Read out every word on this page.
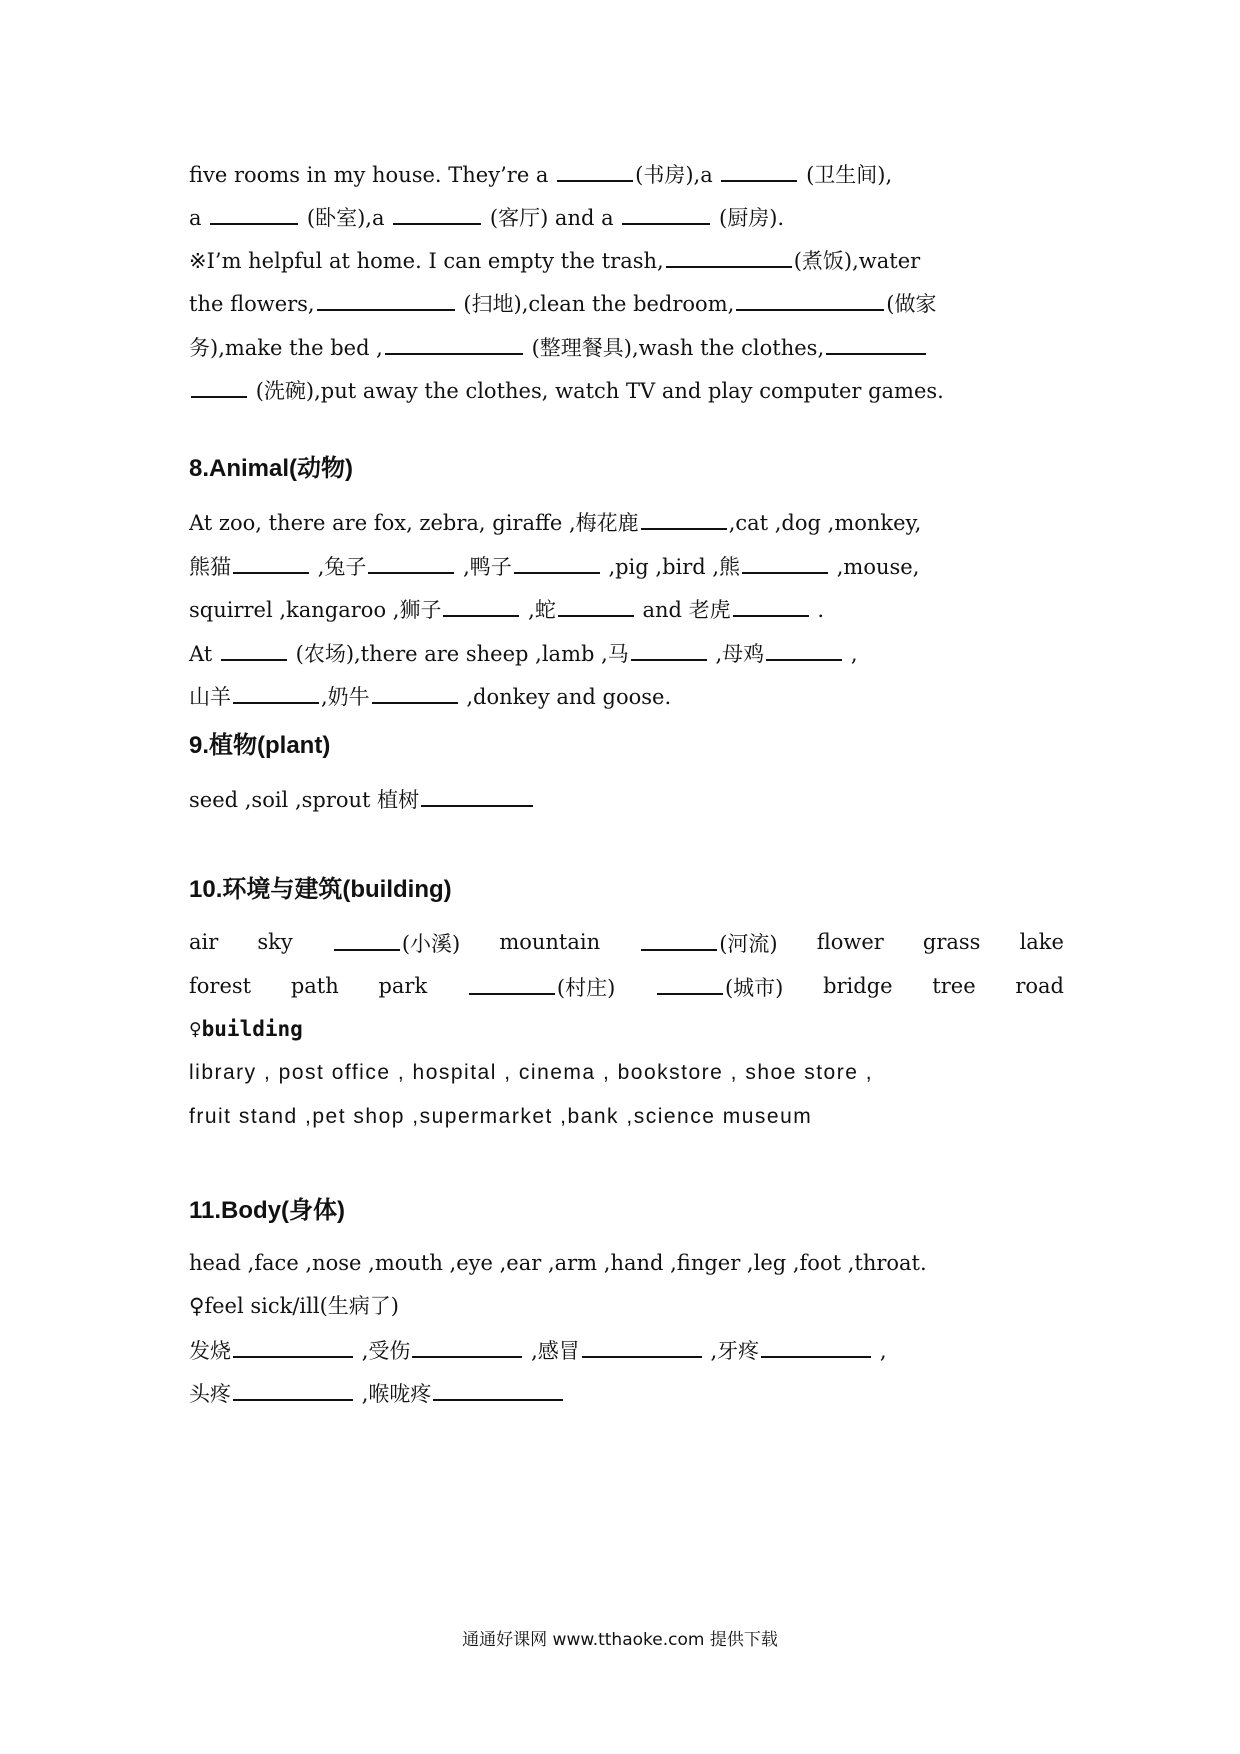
five rooms in my house. They’re a	(书房),a	(卫生间),
a	(卧室),a	(客厅) and a	(厨房).
※I’m helpful at home. I can empty the trash,	(煮饭),water
the flowers,	(扫地),clean the bedroom,	(做家
务),make the bed ,	(整理餐具),wash the clothes,
(洗碗),put away the clothes, watch TV and play computer games.
8.Animal(动物)
At zoo, there are fox, zebra, giraffe ,梅花鹿	,cat ,dog ,monkey,
熊猫	,兔子	,鸭子	,pig ,bird ,熊	,mouse,
squirrel ,kangaroo ,狮子	,蛇	and 老虎	.
At	(农场),there are sheep ,lamb ,马	,母鸡	,
山羊	,奶牛	,donkey and goose.
9.植物(plant)
seed ,soil ,sprout 植树
10.环境与建筑(building)
air sky	(小溪) mountain	(河流) flower grass lake
forest path park	(村庄)	(城市) bridge tree road
♀building
library , post office , hospital , cinema , bookstore , shoe store ,
fruit stand ,pet shop ,supermarket ,bank ,science museum
11.Body(身体)
head ,face ,nose ,mouth ,eye ,ear ,arm ,hand ,finger ,leg ,foot ,throat.
♀feel sick/ill(生病了)
发烧	,受伤	,感冒	,牙疼	,
头疼	,喉咙疼
通通好课网 www.tthaoke.com 提供下载
